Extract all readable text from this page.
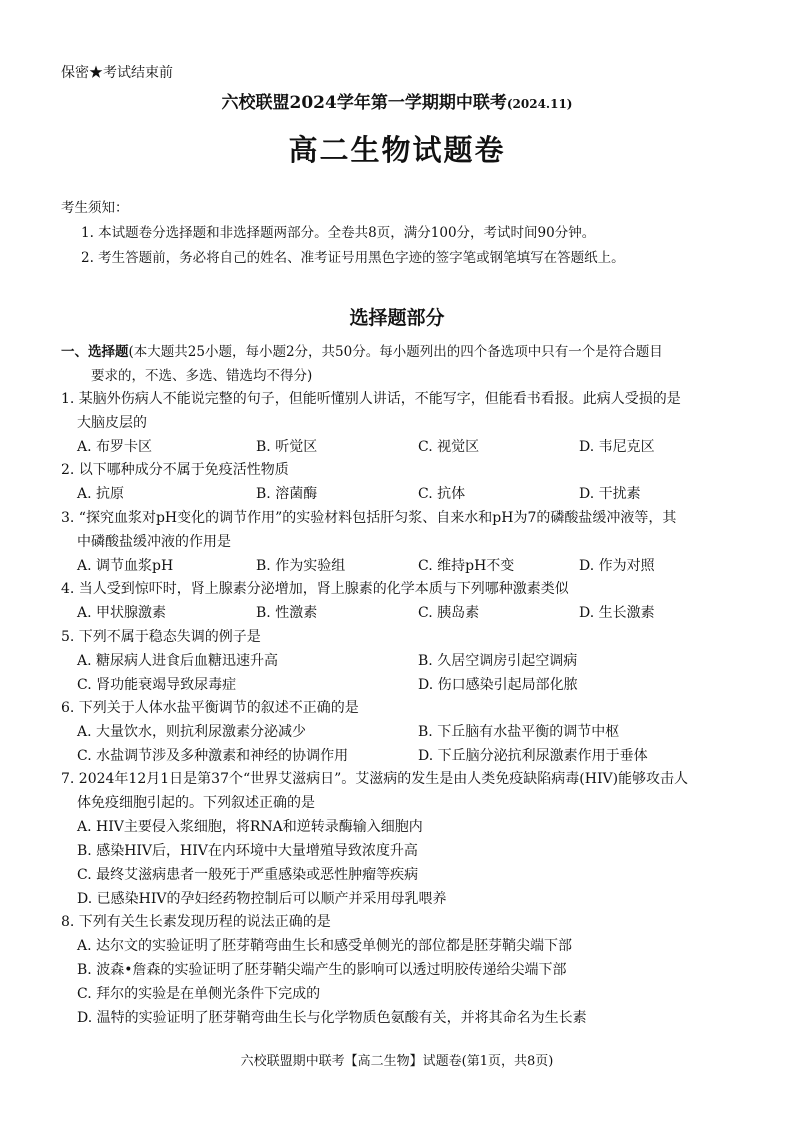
保密★考试结束前
六校联盟2024学年第一学期期中联考(2024.11)
高二生物试题卷
考生须知：
1. 本试题卷分选择题和非选择题两部分。全卷共8页，满分100分，考试时间90分钟。
2. 考生答题前，务必将自己的姓名、准考证号用黑色字迹的签字笔或钢笔填写在答题纸上。
选择题部分
一、选择题(本大题共25小题，每小题2分，共50分。每小题列出的四个备选项中只有一个是符合题目
要求的，不选、多选、错选均不得分)
1. 某脑外伤病人不能说完整的句子，但能听懂别人讲话，不能写字，但能看书看报。此病人受损的是
大脑皮层的
A. 布罗卡区	B. 听觉区	C. 视觉区	D. 韦尼克区
2. 以下哪种成分不属于免疫活性物质
A. 抗原	B. 溶菌酶	C. 抗体	D. 干扰素
3. “探究血浆对pH变化的调节作用”的实验材料包括肝匀浆、自来水和pH为7的磷酸盐缓冲液等，其
中磷酸盐缓冲液的作用是
A. 调节血浆pH	B. 作为实验组	C. 维持pH不变	D. 作为对照
4. 当人受到惊吓时，肾上腺素分泌增加，肾上腺素的化学本质与下列哪种激素类似
A. 甲状腺激素	B. 性激素	C. 胰岛素	D. 生长激素
5. 下列不属于稳态失调的例子是
A. 糖尿病人进食后血糖迅速升高	B. 久居空调房引起空调病
C. 肾功能衰竭导致尿毒症	D. 伤口感染引起局部化脓
6. 下列关于人体水盐平衡调节的叙述不正确的是
A. 大量饮水，则抗利尿激素分泌减少	B. 下丘脑有水盐平衡的调节中枢
C. 水盐调节涉及多种激素和神经的协调作用	D. 下丘脑分泌抗利尿激素作用于垂体
7. 2024年12月1日是第37个“世界艾滋病日”。艾滋病的发生是由人类免疫缺陷病毒(HIV)能够攻击人
体免疫细胞引起的。下列叙述正确的是
A. HIV主要侵入浆细胞，将RNA和逆转录酶输入细胞内
B. 感染HIV后，HIV在内环境中大量增殖导致浓度升高
C. 最终艾滋病患者一般死于严重感染或恶性肿瘤等疾病
D. 已感染HIV的孕妇经药物控制后可以顺产并采用母乳喂养
8. 下列有关生长素发现历程的说法正确的是
A. 达尔文的实验证明了胚芽鞘弯曲生长和感受单侧光的部位都是胚芽鞘尖端下部
B. 波森•詹森的实验证明了胚芽鞘尖端产生的影响可以透过明胶传递给尖端下部
C. 拜尔的实验是在单侧光条件下完成的
D. 温特的实验证明了胚芽鞘弯曲生长与化学物质色氨酸有关，并将其命名为生长素
六校联盟期中联考【高二生物】试题卷(第1页，共8页)
